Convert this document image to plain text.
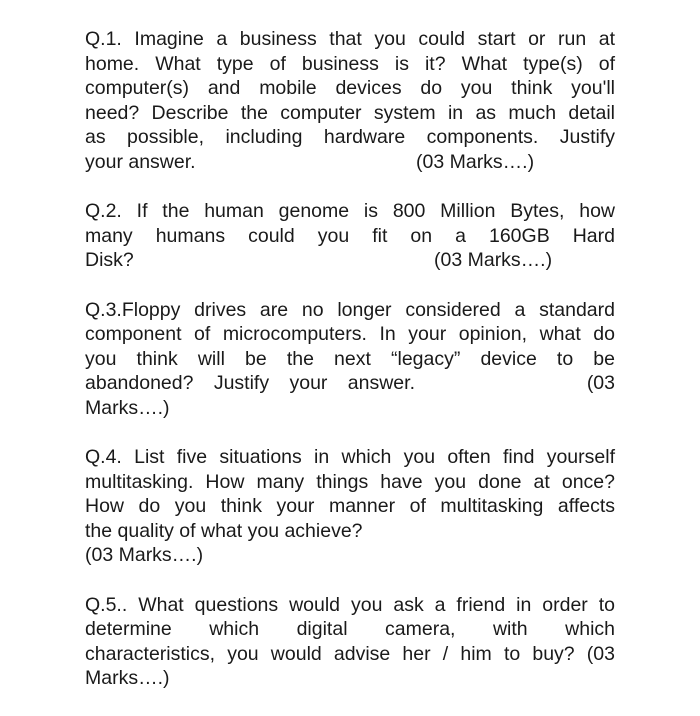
Q.1. Imagine a business that you could start or run at
home. What type of business is it? What type(s) of
computer(s) and mobile devices do you think you'll
need? Describe the computer system in as much detail
as possible, including hardware components. Justify
your answer.	(03 Marks….)
Q.2. If the human genome is 800 Million Bytes, how
many humans could you fit on a 160GB Hard
Disk?	(03 Marks….)
Q.3.Floppy drives are no longer considered a standard
component of microcomputers. In your opinion, what do
you think will be the next “legacy” device to be
abandoned? Justify your answer.	(03
Marks….)
Q.4. List five situations in which you often find yourself
multitasking. How many things have you done at once?
How do you think your manner of multitasking affects
the quality of what you achieve?
(03 Marks….)
Q.5.. What questions would you ask a friend in order to
determine which digital camera, with which
characteristics, you would advise her / him to buy? (03
Marks….)
